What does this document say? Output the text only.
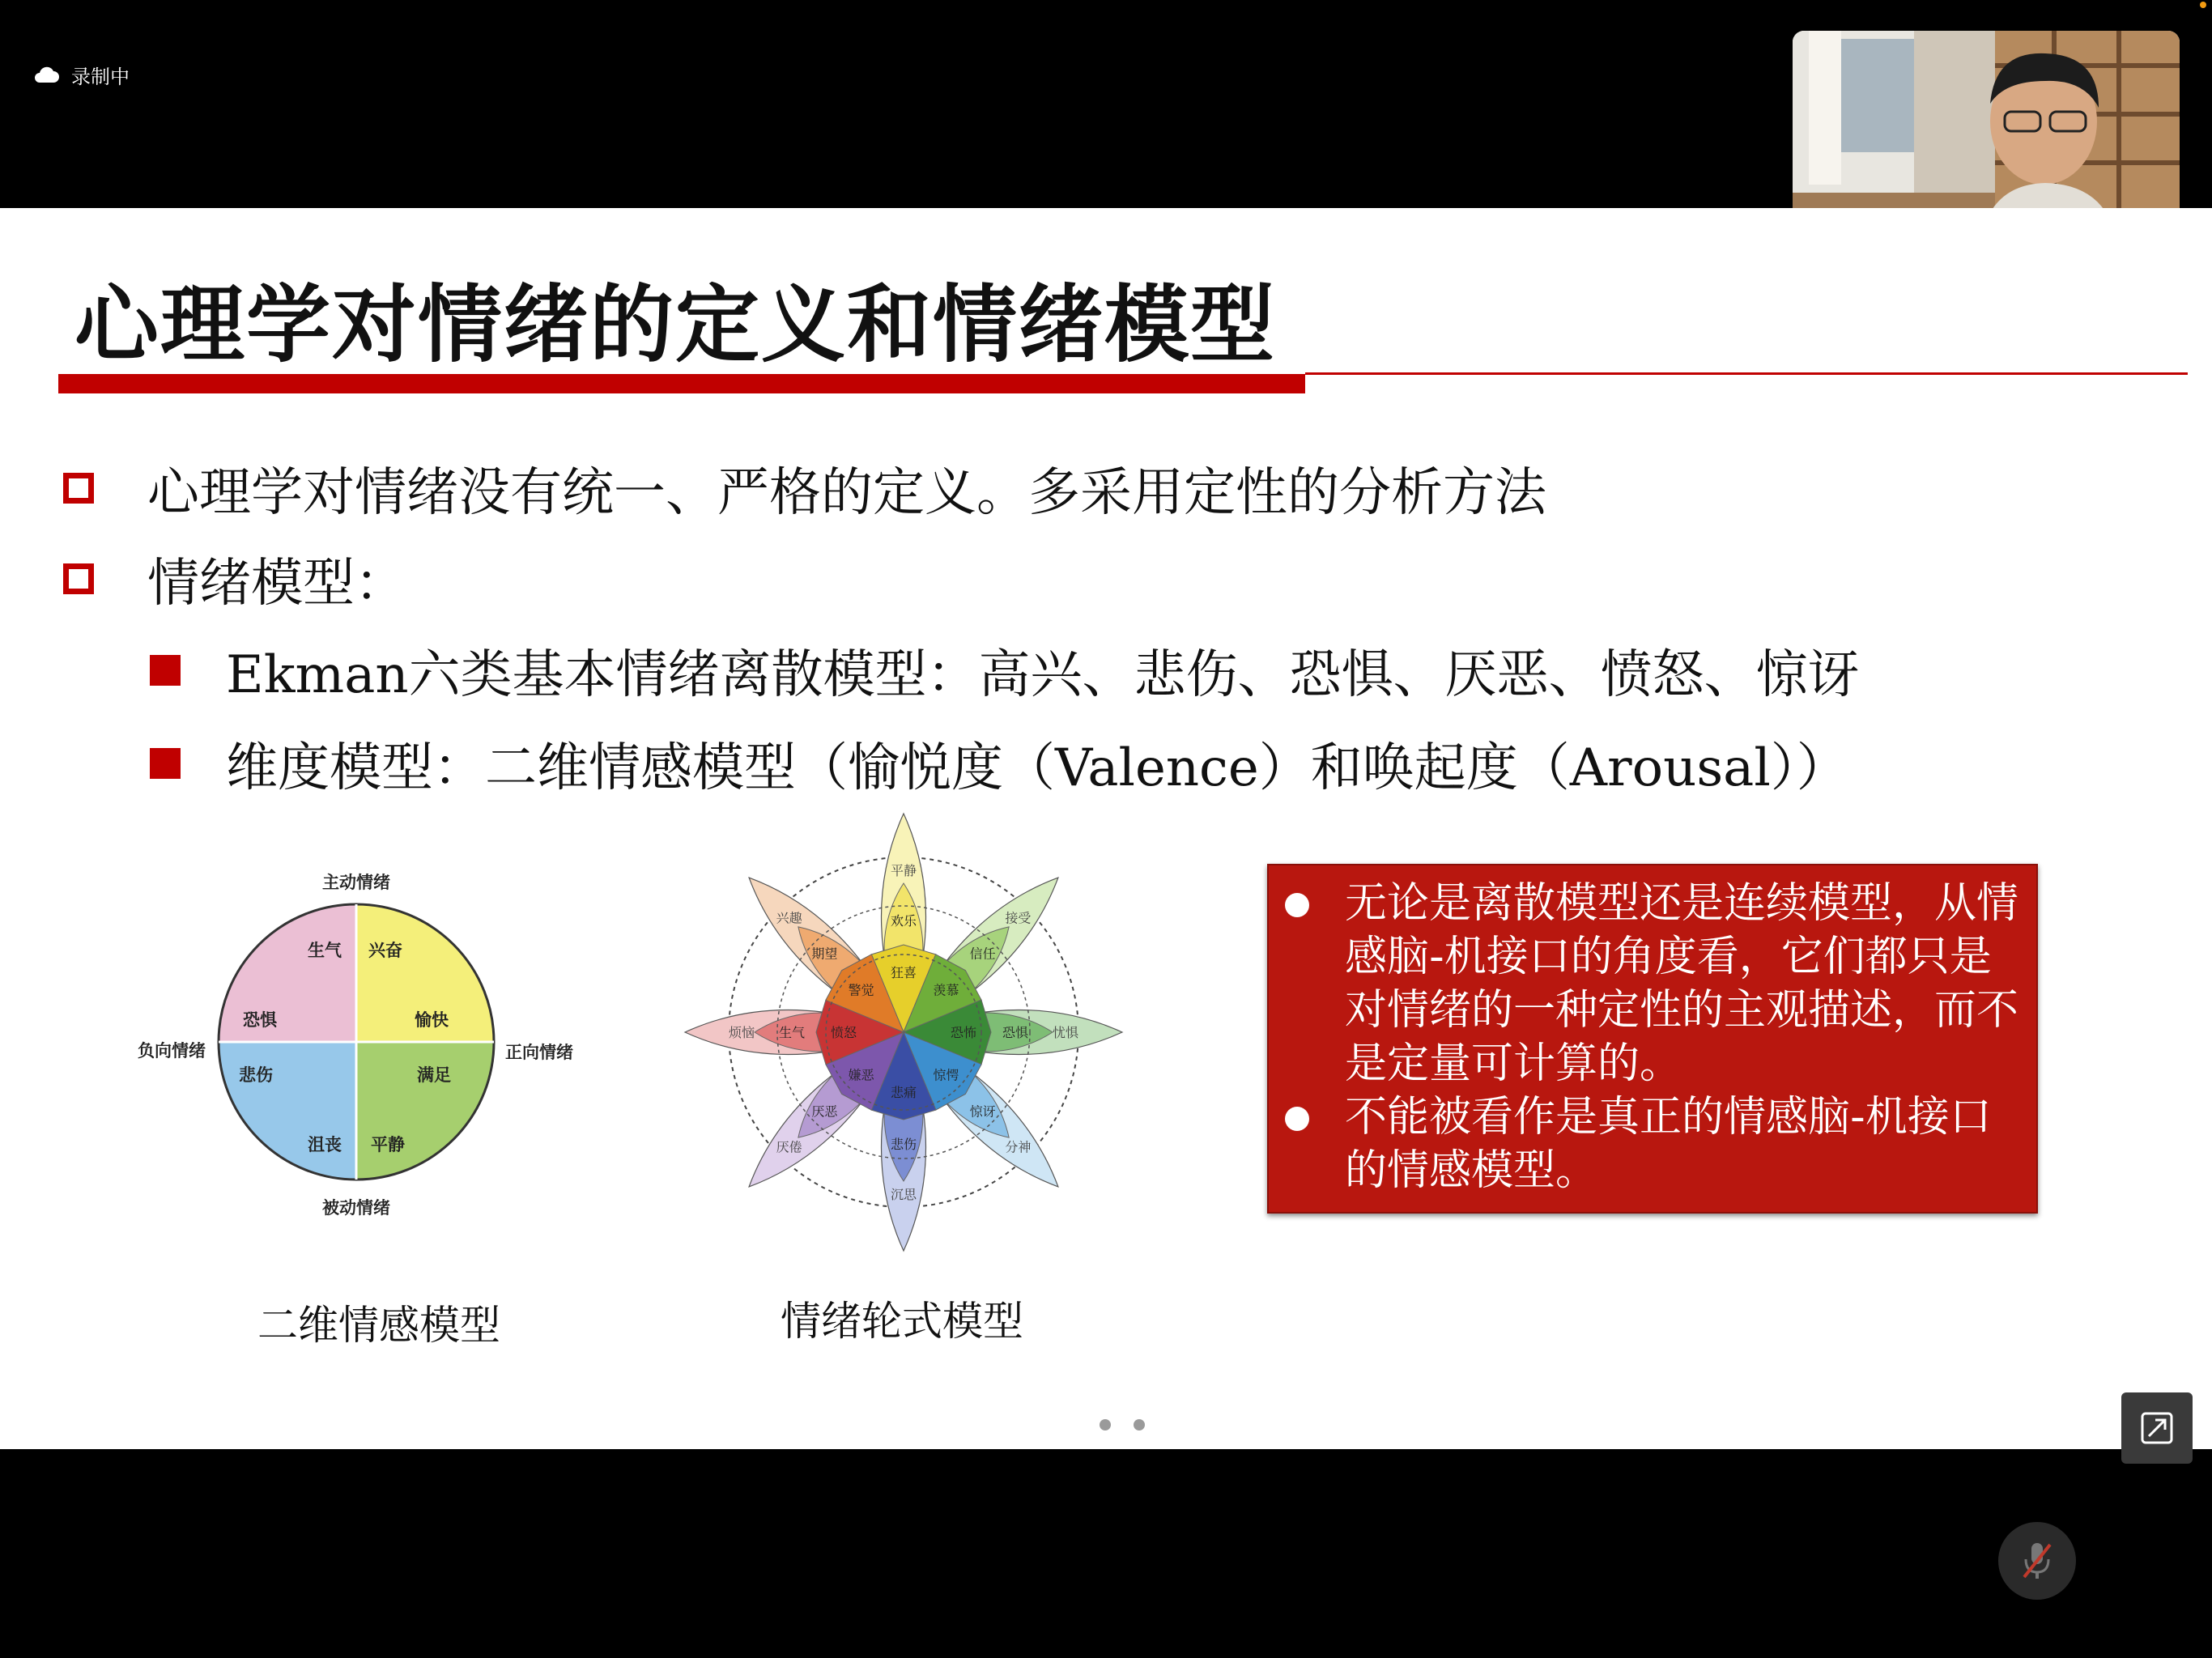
录制中
心理学对情绪的定义和情绪模型
心理学对情绪没有统一、严格的定义。多采用定性的分析方法
情绪模型：
Ekman六类基本情绪离散模型：高兴、悲伤、恐惧、厌恶、愤怒、惊讶
维度模型：二维情感模型（愉悦度（Valence）和唤起度（Arousal））
主动情绪
被动情绪
负向情绪	正向情绪
生气 兴奋
恐惧	愉快
悲伤	满足
沮丧 平静
二维情感模型
平静
欢乐
狂喜
接受
信任
羡慕
忧惧
恐惧
恐怖
分神
惊讶
惊愕
沉思
悲伤
悲痛
厌倦
厌恶
嫌恶
烦恼 生气 愤怒
兴趣
期望
警觉
情绪轮式模型
无论是离散模型还是连续模型，从情感脑-机接口的角度看，它们都只是对情绪的一种定性的主观描述，而不是定量可计算的。
不能被看作是真正的情感脑-机接口的情感模型。
